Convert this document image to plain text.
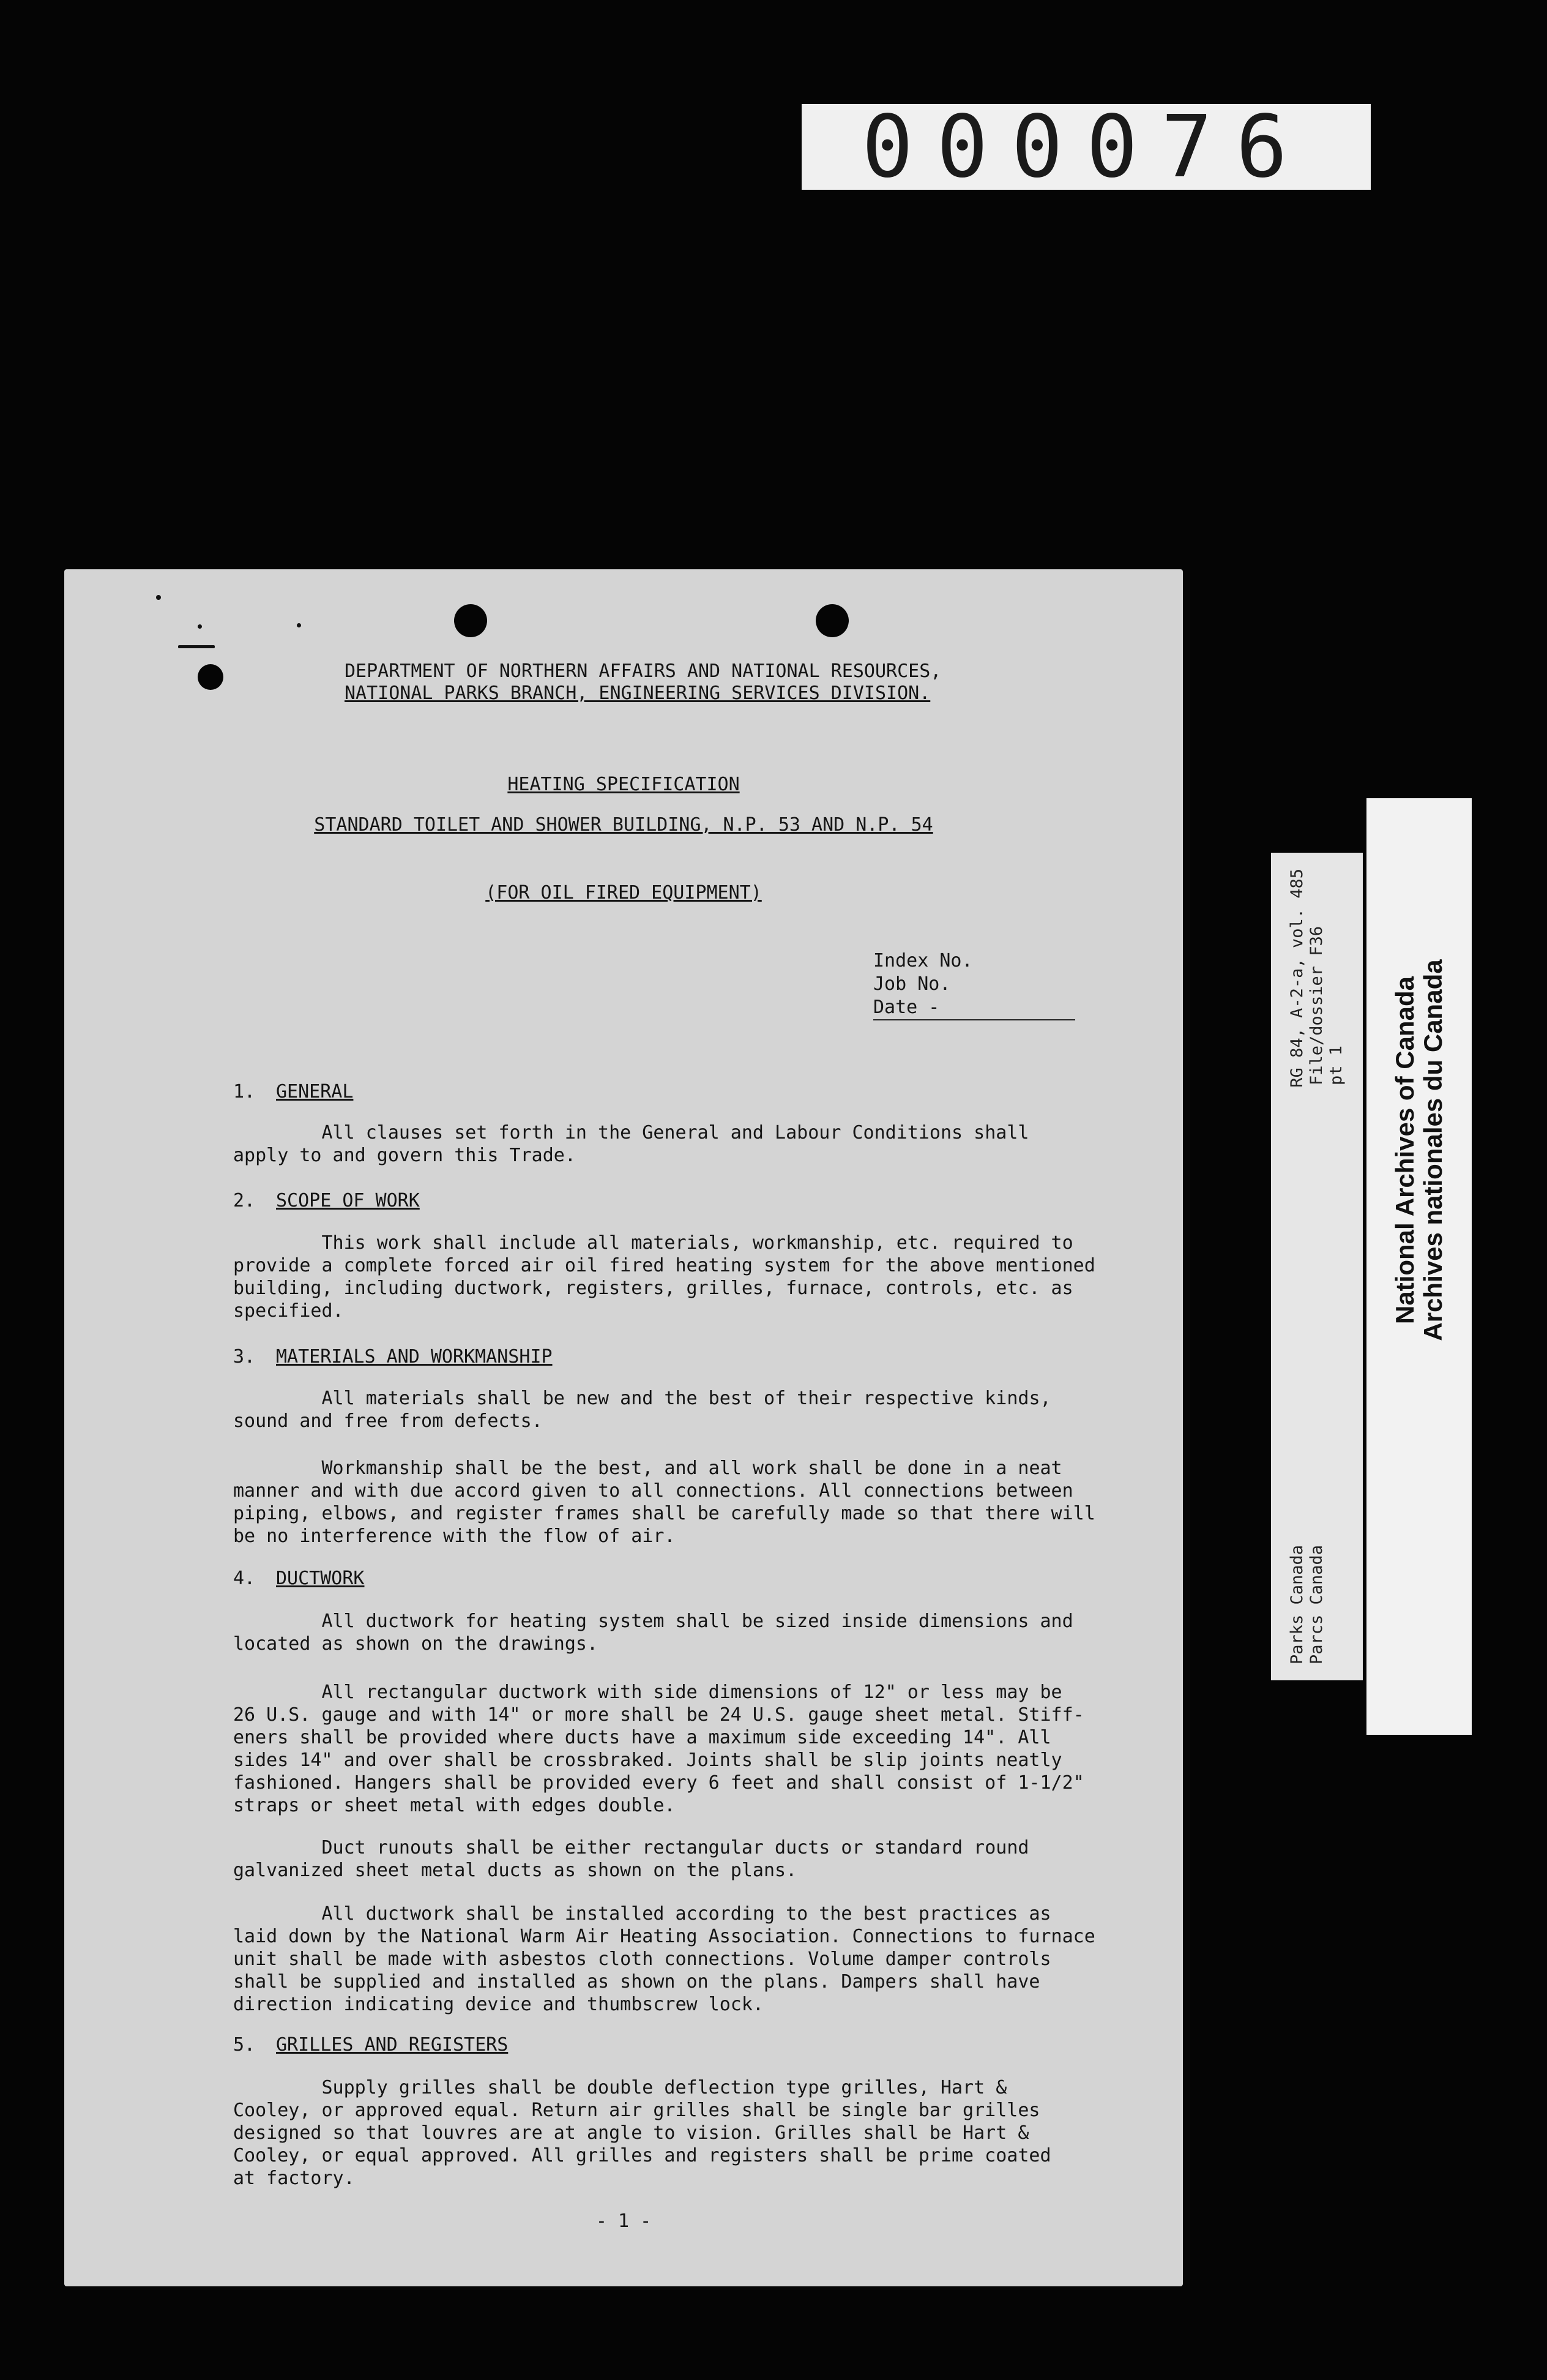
000076
DEPARTMENT OF NORTHERN AFFAIRS AND NATIONAL RESOURCES,
NATIONAL PARKS BRANCH, ENGINEERING SERVICES DIVISION.
HEATING SPECIFICATION
STANDARD TOILET AND SHOWER BUILDING, N.P. 53 AND N.P. 54
(FOR OIL FIRED EQUIPMENT)
Index No.
Job No.
Date -
1. GENERAL
All clauses set forth in the General and Labour Conditions shall
apply to and govern this Trade.
2. SCOPE OF WORK
This work shall include all materials, workmanship, etc. required to
provide a complete forced air oil fired heating system for the above mentioned
building, including ductwork, registers, grilles, furnace, controls, etc. as
specified.
3. MATERIALS AND WORKMANSHIP
All materials shall be new and the best of their respective kinds,
sound and free from defects.
Workmanship shall be the best, and all work shall be done in a neat
manner and with due accord given to all connections. All connections between
piping, elbows, and register frames shall be carefully made so that there will
be no interference with the flow of air.
4. DUCTWORK
All ductwork for heating system shall be sized inside dimensions and
located as shown on the drawings.
All rectangular ductwork with side dimensions of 12" or less may be
26 U.S. gauge and with 14" or more shall be 24 U.S. gauge sheet metal. Stiff-
eners shall be provided where ducts have a maximum side exceeding 14". All
sides 14" and over shall be crossbraked. Joints shall be slip joints neatly
fashioned. Hangers shall be provided every 6 feet and shall consist of 1-1/2"
straps or sheet metal with edges double.
Duct runouts shall be either rectangular ducts or standard round
galvanized sheet metal ducts as shown on the plans.
All ductwork shall be installed according to the best practices as
laid down by the National Warm Air Heating Association. Connections to furnace
unit shall be made with asbestos cloth connections. Volume damper controls
shall be supplied and installed as shown on the plans. Dampers shall have
direction indicating device and thumbscrew lock.
5. GRILLES AND REGISTERS
Supply grilles shall be double deflection type grilles, Hart &
Cooley, or approved equal. Return air grilles shall be single bar grilles
designed so that louvres are at angle to vision. Grilles shall be Hart &
Cooley, or equal approved. All grilles and registers shall be prime coated
at factory.
- 1 -
Parks Canada
RG 84, A-2-a, vol. 485
Parcs Canada
File/dossier F36 pt 1 National Archives of Canada Archives nationales du Canada
